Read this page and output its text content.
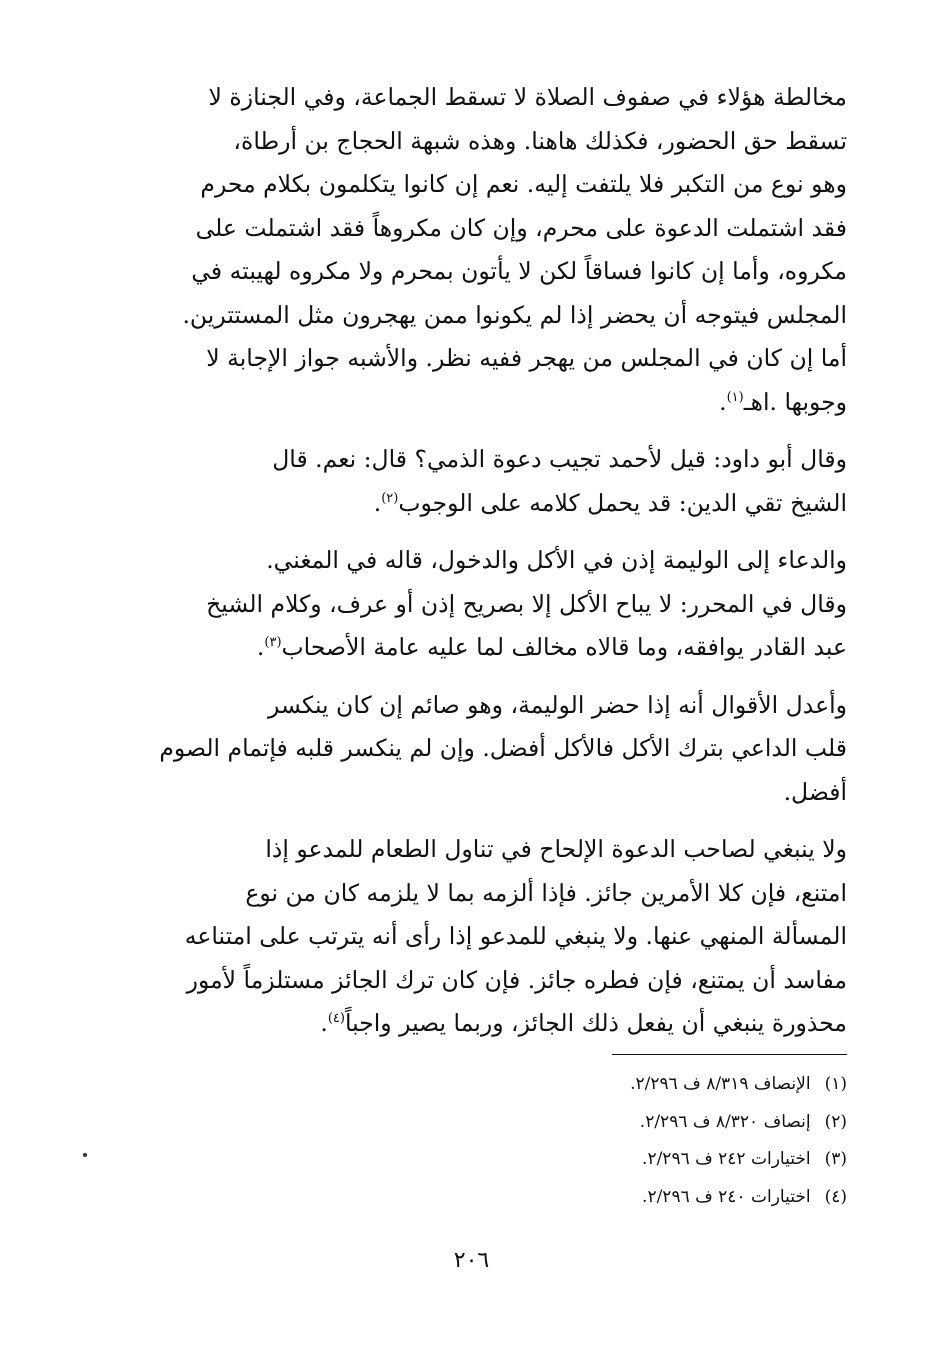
مخالطة هؤلاء في صفوف الصلاة لا تسقط الجماعة، وفي الجنازة لا

تسقط حق الحضور، فكذلك هاهنا. وهذه شبهة الحجاج بن أرطاة،

وهو نوع من التكبر فلا يلتفت إليه. نعم إن كانوا يتكلمون بكلام محرم

فقد اشتملت الدعوة على محرم، وإن كان مكروهاً فقد اشتملت على

مكروه، وأما إن كانوا فساقاً لكن لا يأتون بمحرم ولا مكروه لهيبته في

المجلس فيتوجه أن يحضر إذا لم يكونوا ممن يهجرون مثل المستترين.

أما إن كان في المجلس من يهجر ففيه نظر. والأشبه جواز الإجابة لا

وجوبها .اهـ$^{(١)}$.

وقال أبو داود: قيل لأحمد تجيب دعوة الذمي؟ قال: نعم. قال

الشيخ تقي الدين: قد يحمل كلامه على الوجوب$^{(٢)}$.

والدعاء إلى الوليمة إذن في الأكل والدخول، قاله في المغني.

وقال في المحرر: لا يباح الأكل إلا بصريح إذن أو عرف، وكلام الشيخ

عبد القادر يوافقه، وما قالاه مخالف لما عليه عامة الأصحاب$^{(٣)}$.

وأعدل الأقوال أنه إذا حضر الوليمة، وهو صائم إن كان ينكسر

قلب الداعي بترك الأكل فالأكل أفضل. وإن لم ينكسر قلبه فإتمام الصوم

أفضل.

ولا ينبغي لصاحب الدعوة الإلحاح في تناول الطعام للمدعو إذا

امتنع، فإن كلا الأمرين جائز. فإذا ألزمه بما لا يلزمه كان من نوع

المسألة المنهي عنها. ولا ينبغي للمدعو إذا رأى أنه يترتب على امتناعه

مفاسد أن يمتنع، فإن فطره جائز. فإن كان ترك الجائز مستلزماً لأمور

محذورة ينبغي أن يفعل ذلك الجائز، وربما يصير واجباً$^{(٤)}$.

(١)الإنصاف ٨/٣١٩ ف ٢/٢٩٦.

(٢)إنصاف ٨/٣٢٠ ف ٢/٢٩٦.

(٣)اختيارات ٢٤٢ ف ٢/٢٩٦.

(٤)اختيارات ٢٤٠ ف ٢/٢٩٦.

٢٠٦
